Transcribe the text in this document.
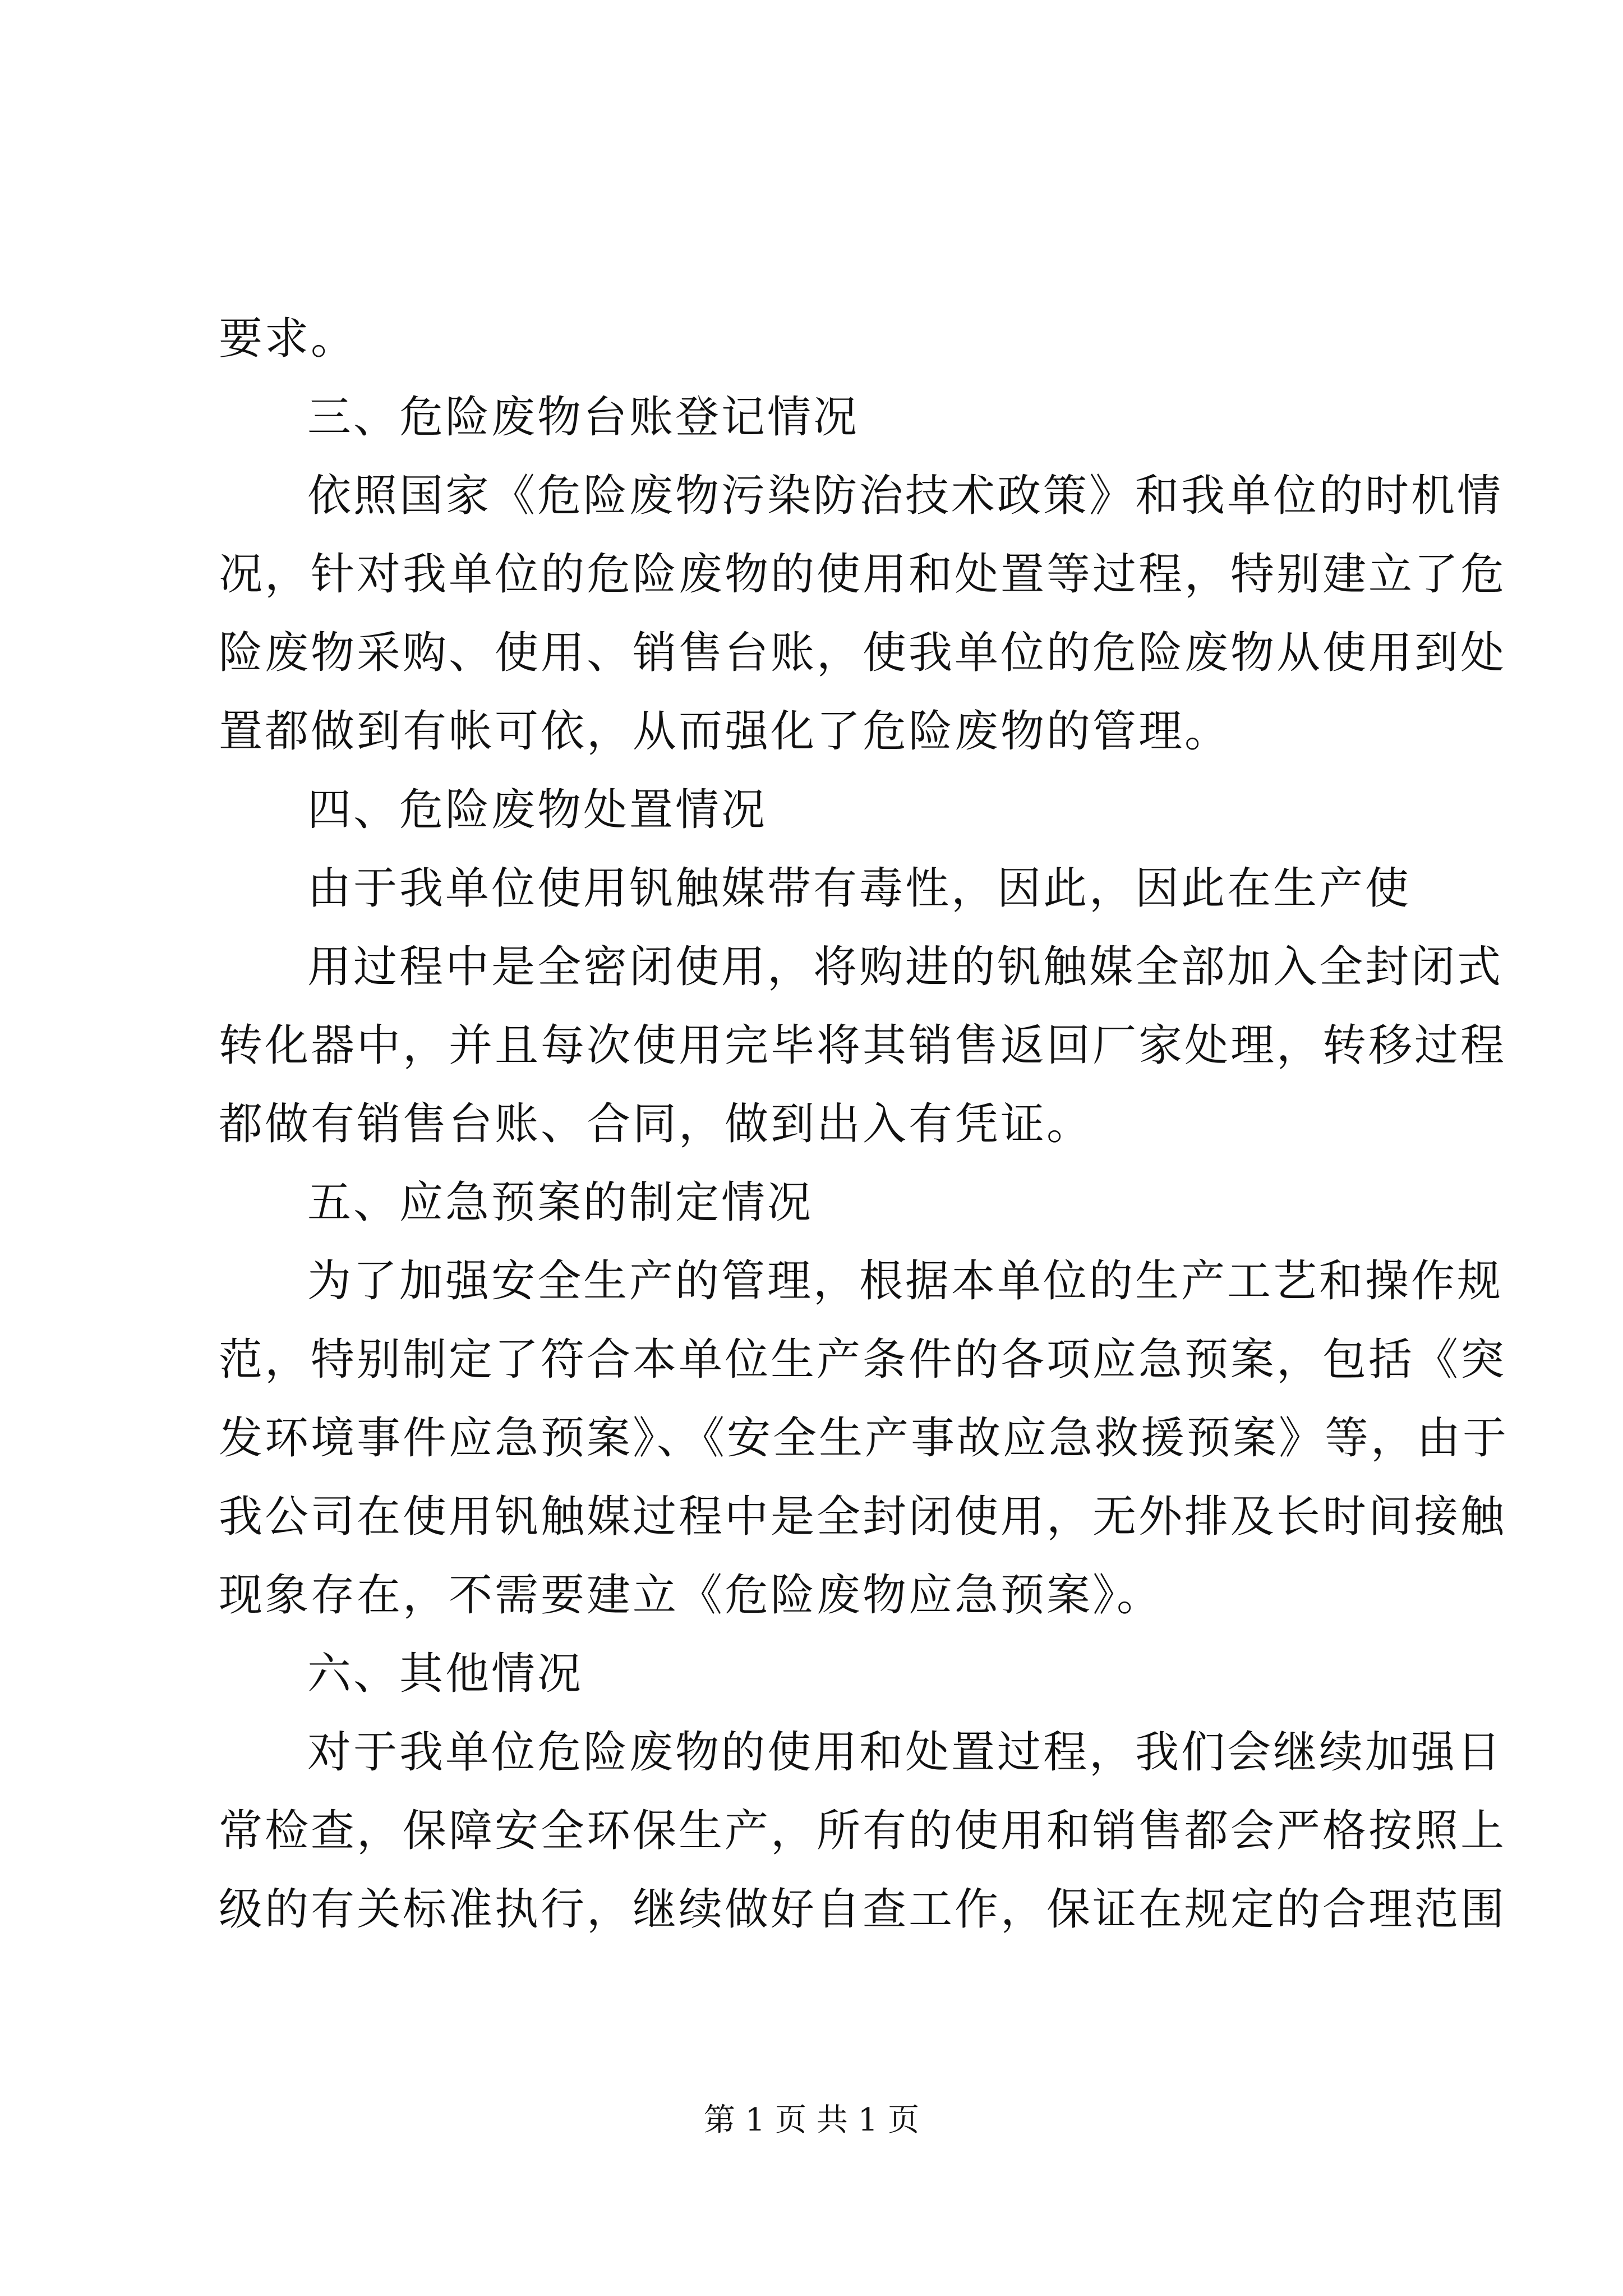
要求。
三、危险废物台账登记情况
依照国家《危险废物污染防治技术政策》和我单位的时机情
况，针对我单位的危险废物的使用和处置等过程，特别建立了危
险废物采购、使用、销售台账，使我单位的危险废物从使用到处
置都做到有帐可依，从而强化了危险废物的管理。
四、危险废物处置情况
由于我单位使用钒触媒带有毒性，因此，因此在生产使
用过程中是全密闭使用，将购进的钒触媒全部加入全封闭式
转化器中，并且每次使用完毕将其销售返回厂家处理，转移过程
都做有销售台账、合同，做到出入有凭证。
五、应急预案的制定情况
为了加强安全生产的管理，根据本单位的生产工艺和操作规
范，特别制定了符合本单位生产条件的各项应急预案，包括《突
发环境事件应急预案》、《安全生产事故应急救援预案》等，由于
我公司在使用钒触媒过程中是全封闭使用，无外排及长时间接触
现象存在，不需要建立《危险废物应急预案》。
六、其他情况
对于我单位危险废物的使用和处置过程，我们会继续加强日
常检查，保障安全环保生产，所有的使用和销售都会严格按照上
级的有关标准执行，继续做好自查工作，保证在规定的合理范围
第 1 页 共 1 页
